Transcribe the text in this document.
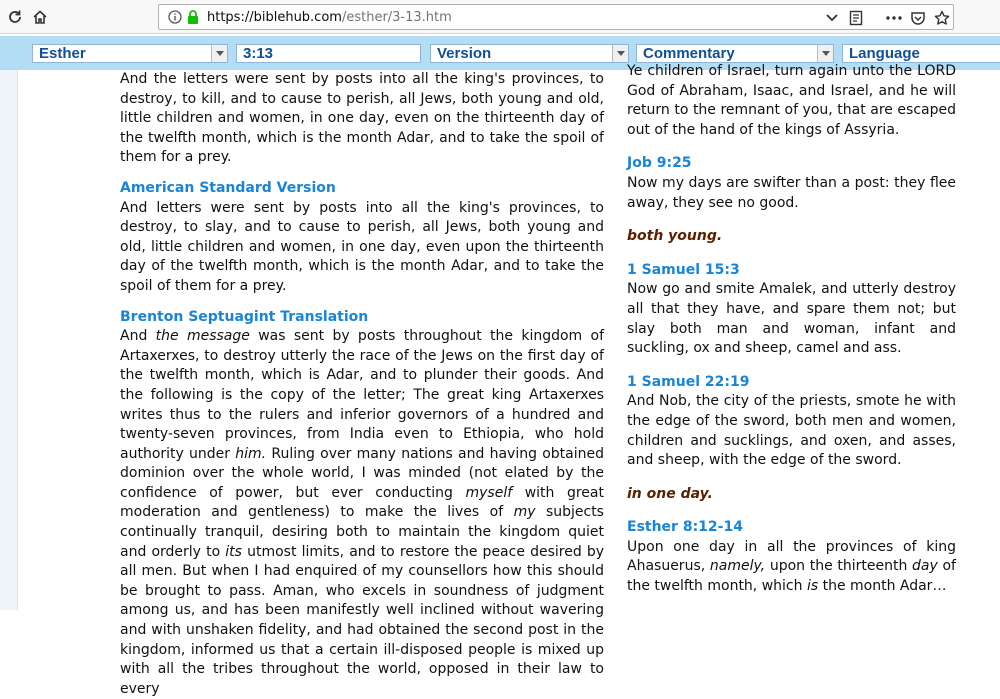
https://biblehub.com/esther/3-13.htm
Esther	3:13	Version	Commentary	Language

And the letters were sent by posts into all the king's provinces, to destroy, to kill, and to cause to perish, all Jews, both young and old, little children and women, in one day, even on the thirteenth day of the twelfth month, which is the month Adar, and to take the spoil of them for a prey.

American Standard Version

And letters were sent by posts into all the king's provinces, to destroy, to slay, and to cause to perish, all Jews, both young and old, little children and women, in one day, even upon the thirteenth day of the twelfth month, which is the month Adar, and to take the spoil of them for a prey.

Brenton Septuagint Translation

And the message was sent by posts throughout the kingdom of Artaxerxes, to destroy utterly the race of the Jews on the first day of the twelfth month, which is Adar, and to plunder their goods. And the following is the copy of the letter; The great king Artaxerxes writes thus to the rulers and inferior governors of a hundred and twenty-seven provinces, from India even to Ethiopia, who hold authority under him. Ruling over many nations and having obtained dominion over the whole world, I was minded (not elated by the confidence of power, but ever conducting myself with great moderation and gentleness) to make the lives of my subjects continually tranquil, desiring both to maintain the kingdom quiet and orderly to its utmost limits, and to restore the peace desired by all men. But when I had enquired of my counsellors how this should be brought to pass. Aman, who excels in soundness of judgment among us, and has been manifestly well inclined without wavering and with unshaken fidelity, and had obtained the second post in the kingdom, informed us that a certain ill-disposed people is mixed up with all the tribes throughout the world, opposed in their law to every

Ye children of Israel, turn again unto the LORD God of Abraham, Isaac, and Israel, and he will return to the remnant of you, that are escaped out of the hand of the kings of Assyria.

Job 9:25

Now my days are swifter than a post: they flee away, they see no good.

both young.
1 Samuel 15:3

Now go and smite Amalek, and utterly destroy all that they have, and spare them not; but slay both man and woman, infant and suckling, ox and sheep, camel and ass.

1 Samuel 22:19

And Nob, the city of the priests, smote he with the edge of the sword, both men and women, children and sucklings, and oxen, and asses, and sheep, with the edge of the sword.

in one day.
Esther 8:12-14

Upon one day in all the provinces of king Ahasuerus, namely, upon the thirteenth day of the twelfth month, which is the month Adar…
